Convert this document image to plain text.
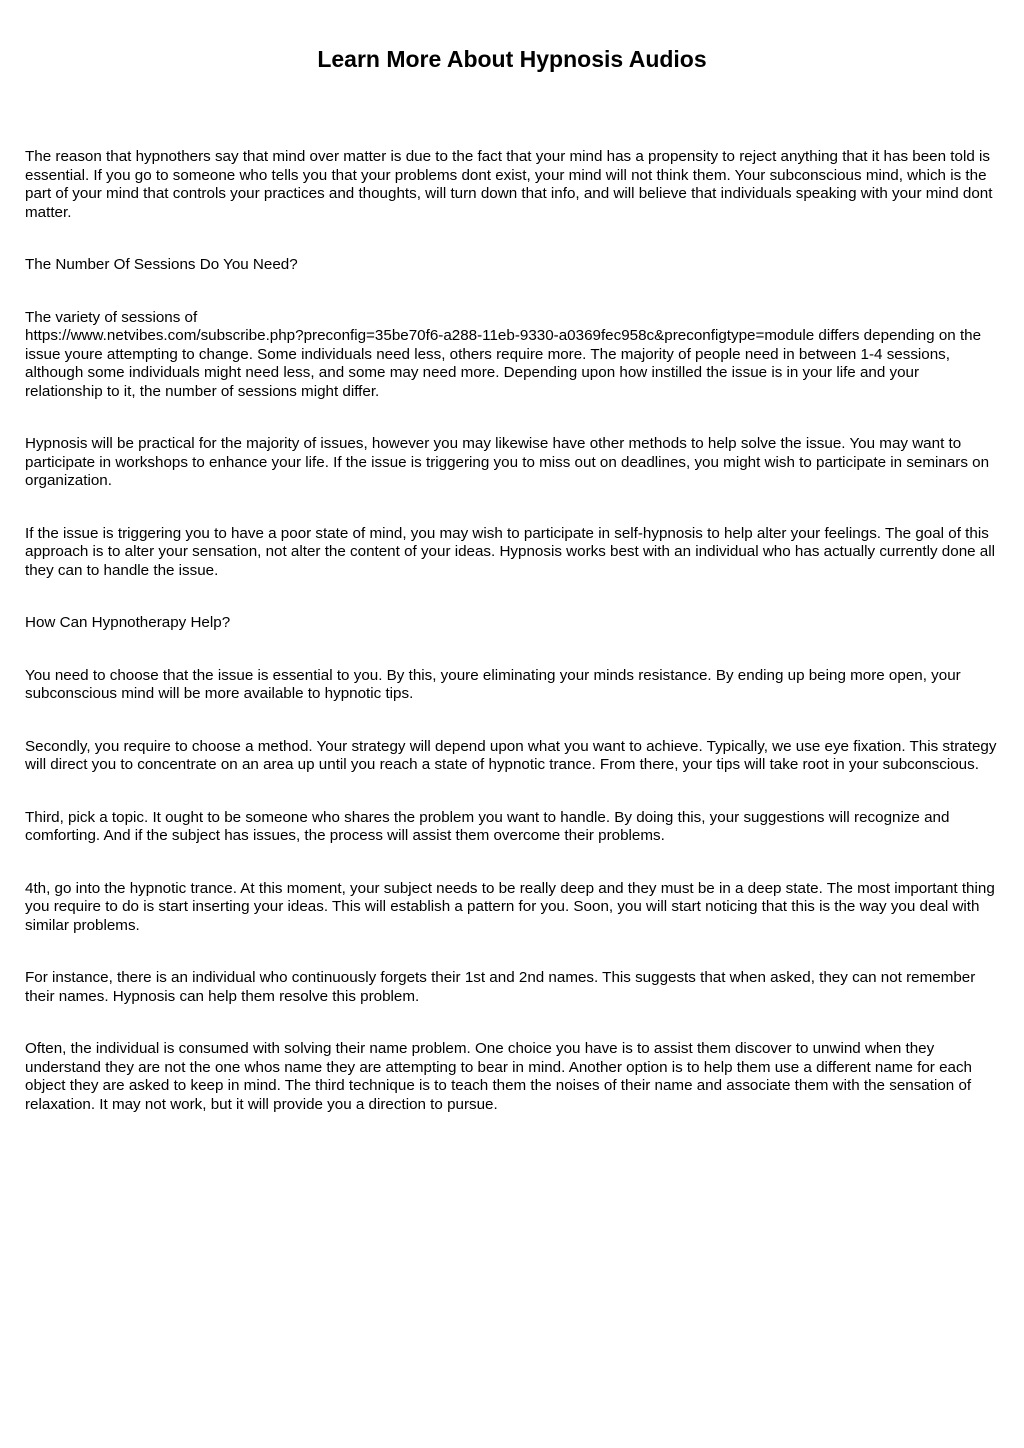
Learn More About Hypnosis Audios

The reason that hypnothers say that mind over matter is due to the fact that your mind has a propensity to reject anything that it has been told is essential. If you go to someone who tells you that your problems dont exist, your mind will not think them. Your subconscious mind, which is the part of your mind that controls your practices and thoughts, will turn down that info, and will believe that individuals speaking with your mind dont matter.

The Number Of Sessions Do You Need?

The variety of sessions of
https://www.netvibes.com/subscribe.php?preconfig=35be70f6-a288-11eb-9330-a0369fec958c&preconfigtype=module differs depending on the issue youre attempting to change. Some individuals need less, others require more. The majority of people need in between 1-4 sessions, although some individuals might need less, and some may need more. Depending upon how instilled the issue is in your life and your relationship to it, the number of sessions might differ.

Hypnosis will be practical for the majority of issues, however you may likewise have other methods to help solve the issue. You may want to participate in workshops to enhance your life. If the issue is triggering you to miss out on deadlines, you might wish to participate in seminars on organization.

If the issue is triggering you to have a poor state of mind, you may wish to participate in self-hypnosis to help alter your feelings. The goal of this approach is to alter your sensation, not alter the content of your ideas. Hypnosis works best with an individual who has actually currently done all they can to handle the issue.

How Can Hypnotherapy Help?

You need to choose that the issue is essential to you. By this, youre eliminating your minds resistance. By ending up being more open, your subconscious mind will be more available to hypnotic tips.

Secondly, you require to choose a method. Your strategy will depend upon what you want to achieve. Typically, we use eye fixation. This strategy will direct you to concentrate on an area up until you reach a state of hypnotic trance. From there, your tips will take root in your subconscious.

Third, pick a topic. It ought to be someone who shares the problem you want to handle. By doing this, your suggestions will recognize and comforting. And if the subject has issues, the process will assist them overcome their problems.

4th, go into the hypnotic trance. At this moment, your subject needs to be really deep and they must be in a deep state. The most important thing you require to do is start inserting your ideas. This will establish a pattern for you. Soon, you will start noticing that this is the way you deal with similar problems.

For instance, there is an individual who continuously forgets their 1st and 2nd names. This suggests that when asked, they can not remember their names. Hypnosis can help them resolve this problem.

Often, the individual is consumed with solving their name problem. One choice you have is to assist them discover to unwind when they understand they are not the one whos name they are attempting to bear in mind. Another option is to help them use a different name for each object they are asked to keep in mind. The third technique is to teach them the noises of their name and associate them with the sensation of relaxation. It may not work, but it will provide you a direction to pursue.
